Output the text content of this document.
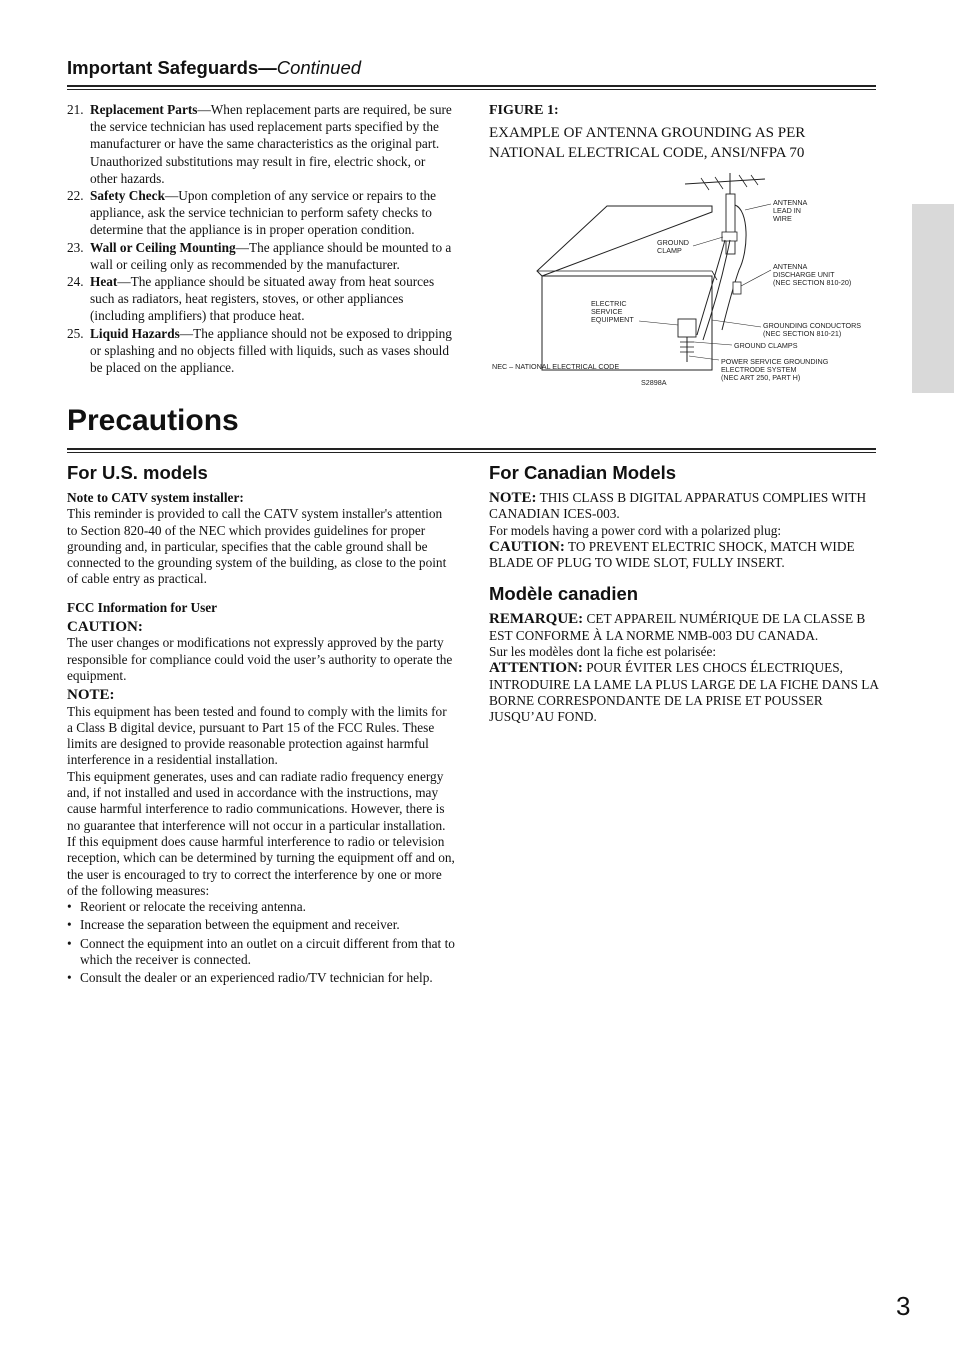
Important Safeguards—Continued
21. Replacement Parts—When replacement parts are required, be sure the service technician has used replacement parts specified by the manufacturer or have the same characteristics as the original part. Unauthorized substitutions may result in fire, electric shock, or other hazards.
22. Safety Check—Upon completion of any service or repairs to the appliance, ask the service technician to perform safety checks to determine that the appliance is in proper operation condition.
23. Wall or Ceiling Mounting—The appliance should be mounted to a wall or ceiling only as recommended by the manufacturer.
24. Heat—The appliance should be situated away from heat sources such as radiators, heat registers, stoves, or other appliances (including amplifiers) that produce heat.
25. Liquid Hazards—The appliance should not be exposed to dripping or splashing and no objects filled with liquids, such as vases should be placed on the appliance.
FIGURE 1:
EXAMPLE OF ANTENNA GROUNDING AS PER NATIONAL ELECTRICAL CODE, ANSI/NFPA 70
ANTENNA LEAD IN WIRE
GROUND CLAMP
ANTENNA DISCHARGE UNIT (NEC SECTION 810-20)
ELECTRIC SERVICE EQUIPMENT
GROUNDING CONDUCTORS (NEC SECTION 810-21)
GROUND CLAMPS
POWER SERVICE GROUNDING ELECTRODE SYSTEM (NEC ART 250, PART H)
NEC – NATIONAL ELECTRICAL CODE
S2898A
Precautions
For U.S. models
Note to CATV system installer:

This reminder is provided to call the CATV system installer's attention to Section 820-40 of the NEC which provides guidelines for proper grounding and, in particular, specifies that the cable ground shall be connected to the grounding system of the building, as close to the point of cable entry as practical.

FCC Information for User
CAUTION:

The user changes or modifications not expressly approved by the party responsible for compliance could void the user’s authority to operate the equipment.

NOTE:

This equipment has been tested and found to comply with the limits for a Class B digital device, pursuant to Part 15 of the FCC Rules. These limits are designed to provide reasonable protection against harmful interference in a residential installation.

This equipment generates, uses and can radiate radio frequency energy and, if not installed and used in accordance with the instructions, may cause harmful interference to radio communications. However, there is no guarantee that interference will not occur in a particular installation. If this equipment does cause harmful interference to radio or television reception, which can be determined by turning the equipment off and on, the user is encouraged to try to correct the interference by one or more of the following measures:

• Reorient or relocate the receiving antenna.
• Increase the separation between the equipment and receiver.
• Connect the equipment into an outlet on a circuit different from that to which the receiver is connected.
• Consult the dealer or an experienced radio/TV technician for help.
For Canadian Models

NOTE: THIS CLASS B DIGITAL APPARATUS COMPLIES WITH CANADIAN ICES-003.

For models having a power cord with a polarized plug:

CAUTION: TO PREVENT ELECTRIC SHOCK, MATCH WIDE BLADE OF PLUG TO WIDE SLOT, FULLY INSERT.

Modèle canadien

REMARQUE: CET APPAREIL NUMÉRIQUE DE LA CLASSE B EST CONFORME À LA NORME NMB-003 DU CANADA.

Sur les modèles dont la fiche est polarisée:

ATTENTION: POUR ÉVITER LES CHOCS ÉLECTRIQUES, INTRODUIRE LA LAME LA PLUS LARGE DE LA FICHE DANS LA BORNE CORRESPONDANTE DE LA PRISE ET POUSSER JUSQU’AU FOND.

3
